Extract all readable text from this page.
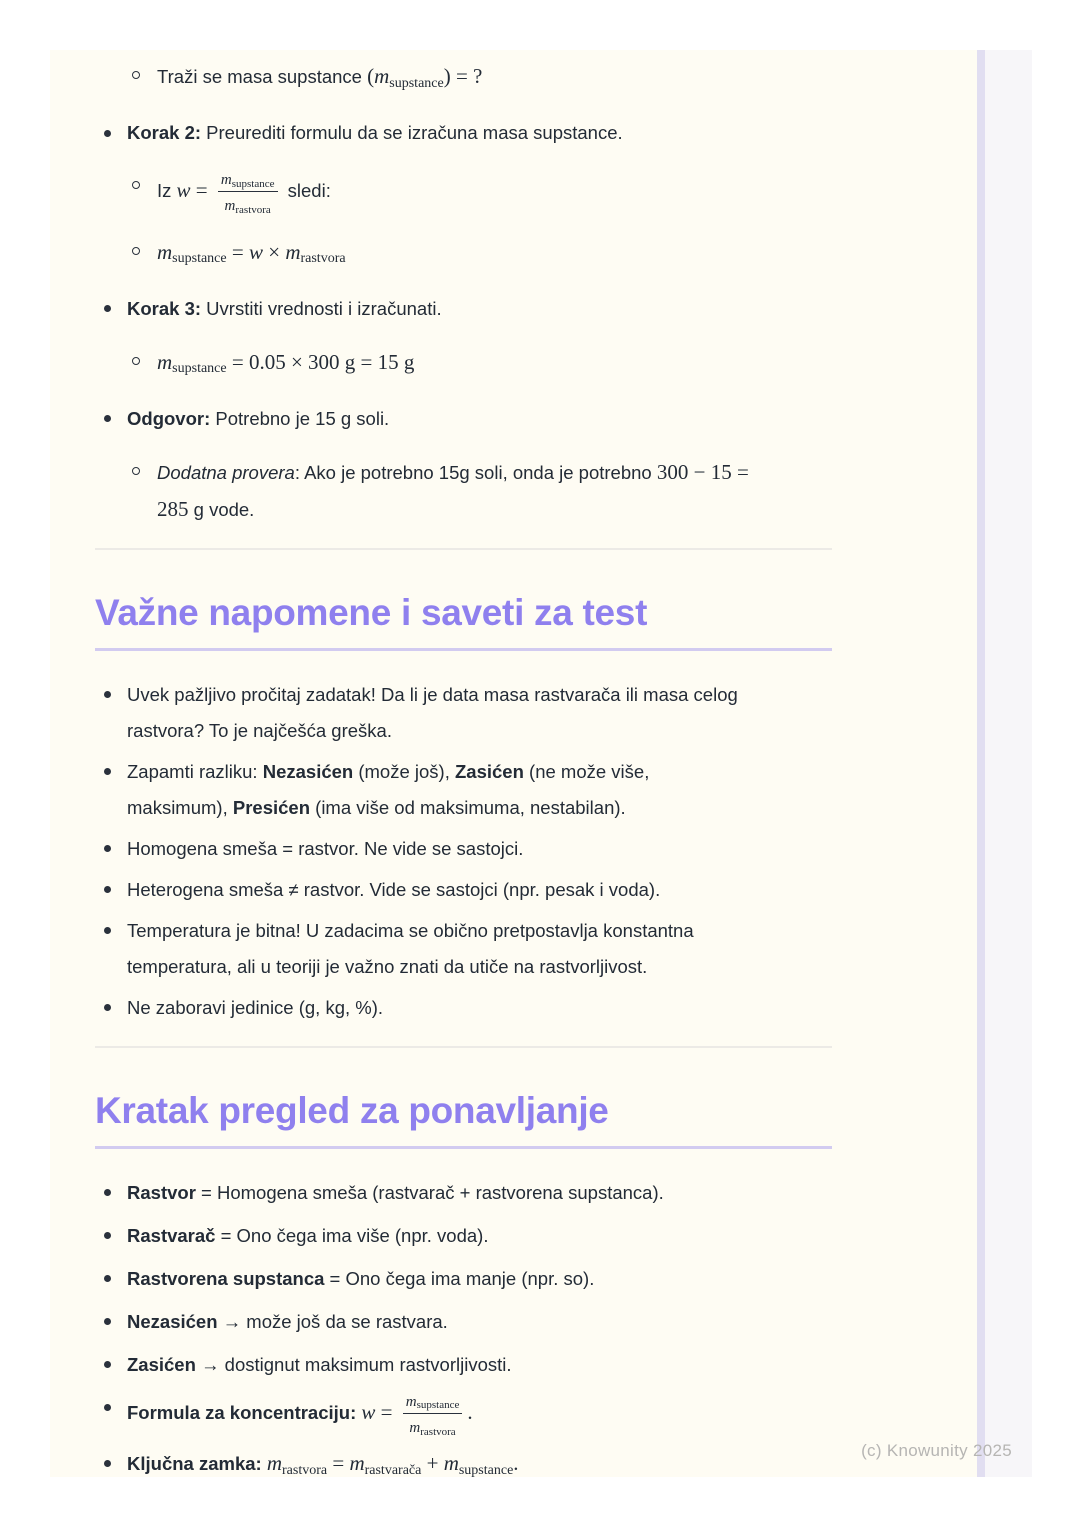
Traži se masa supstance $(m_{supstance})$ = ?
Korak 2: Preurediti formulu da se izračuna masa supstance.
Iz $w = \frac{\text{msupstance}}{\text{mrastvora}}$ sledi:
$m_{supstance} = w \times m_{rastvora}$
Korak 3: Uvrstiti vrednosti i izračunati.
$m_{supstance} = 0.05 \times 300$ g = 15 g
Odgovor: Potrebno je 15 g soli.
Dodatna provera: Ako je potrebno 15g soli, onda je potrebno 300 − 15 =
285 g vode.
Važne napomene i saveti za test
Uvek pažljivo pročitaj zadatak! Da li je data masa rastvarača ili masa celog
rastvora? To je najčešća greška.
Zapamti razliku: Nezasićen (može još), Zasićen (ne može više,
maksimum), Presićen (ima više od maksimuma, nestabilan).
Homogena smeša = rastvor. Ne vide se sastojci.
Heterogena smeša ≠ rastvor. Vide se sastojci (npr. pesak i voda).
Temperatura je bitna! U zadacima se obično pretpostavlja konstantna
temperatura, ali u teoriji je važno znati da utiče na rastvorljivost.
Ne zaboravi jedinice (g, kg, %).
Kratak pregled za ponavljanje
Rastvor = Homogena smeša (rastvarač + rastvorena supstanca).
Rastvarač = Ono čega ima više (npr. voda).
Rastvorena supstanca = Ono čega ima manje (npr. so).
Nezasićen → može još da se rastvara.
Zasićen → dostignut maksimum rastvorljivosti.
Formula za koncentraciju: $w = \frac{\text{msupstance}}{\text{mrastvora}}$ .
Ključna zamka: $m_{rastvora} = m_{rastvarača} + m_{supstance}$.
(c) Knowunity 2025
